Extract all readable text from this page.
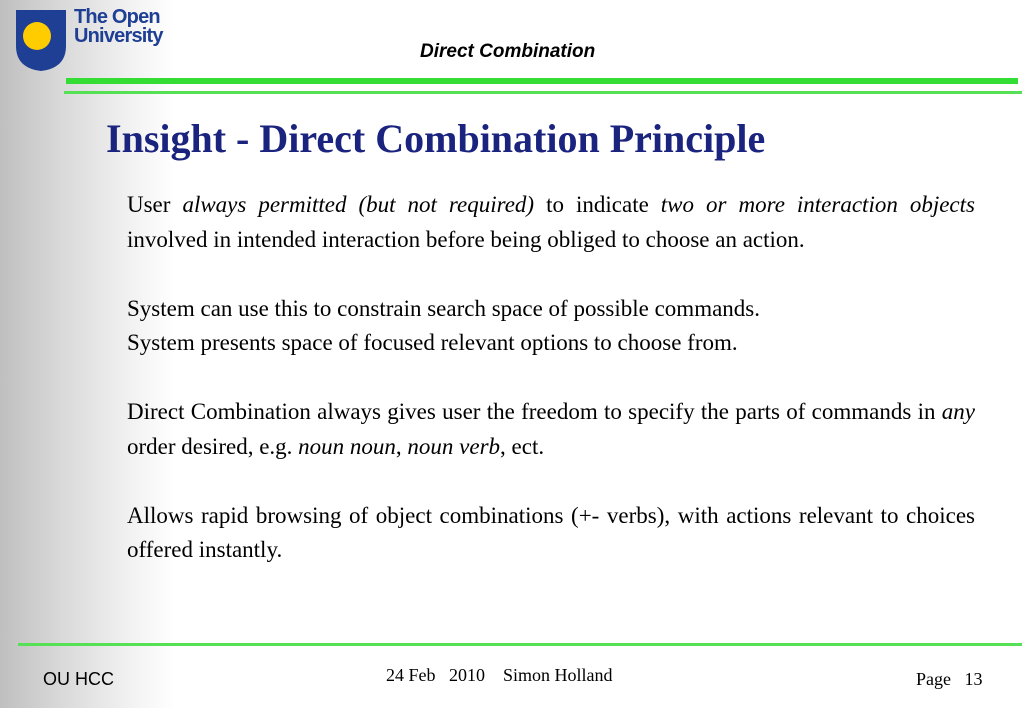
The Open
University
Direct Combination
Insight - Direct Combination Principle

User always permitted (but not required) to indicate two or more interaction objects involved in intended interaction before being obliged to choose an action.

System can use this to constrain search space of possible commands.
System presents space of focused relevant options to choose from.

Direct Combination always gives user the freedom to specify the parts of commands in any order desired, e.g. noun noun, noun verb, ect.

Allows rapid browsing of object combinations (+- verbs), with actions relevant to choices offered instantly.

OU HCC	24 Feb   2010 Simon Holland	Page 13
